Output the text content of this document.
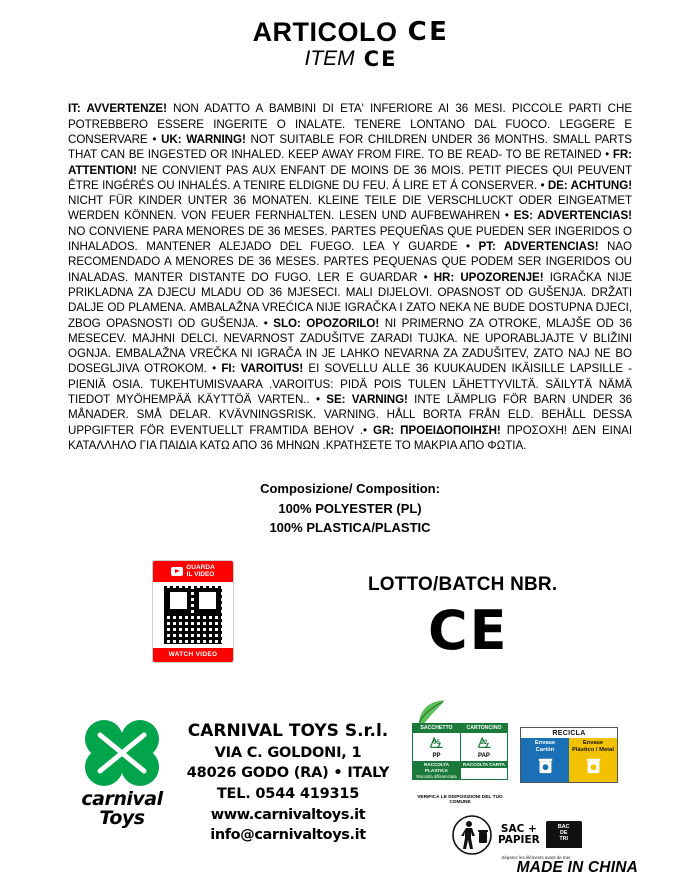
ARTICOLO C E
ITEM C E
IT: AVVERTENZE! NON ADATTO A BAMBINI DI ETA' INFERIORE AI 36 MESI. PICCOLE PARTI CHE POTREBBERO ESSERE INGERITE O INALATE. TENERE LONTANO DAL FUOCO. LEGGERE E CONSERVARE • UK: WARNING! NOT SUITABLE FOR CHILDREN UNDER 36 MONTHS. SMALL PARTS THAT CAN BE INGESTED OR INHALED. KEEP AWAY FROM FIRE. TO BE READ- TO BE RETAINED • FR: ATTENTION! NE CONVIENT PAS AUX ENFANT DE MOINS DE 36 MOIS. PETIT PIECES QUI PEUVENT ÊTRE INGÉRÉS OU INHALÉS. A TENIRE ELDIGNE DU FEU. Á LIRE ET Á CONSERVER. • DE: ACHTUNG! NICHT FÜR KINDER UNTER 36 MONATEN. KLEINE TEILE DIE VERSCHLUCKT ODER EINGEATMET WERDEN KÖNNEN. VON FEUER FERNHALTEN. LESEN UND AUFBEWAHREN • ES: ADVERTENCIAS! NO CONVIENE PARA MENORES DE 36 MESES. PARTES PEQUEÑAS QUE PUEDEN SER INGERIDOS O INHALADOS. MANTENER ALEJADO DEL FUEGO. LEA Y GUARDE • PT: ADVERTENCIAS! NAO RECOMENDADO A MENORES DE 36 MESES. PARTES PEQUENAS QUE PODEM SER INGERIDOS OU INALADAS. MANTER DISTANTE DO FUGO. LER E GUARDAR • HR: UPOZORENJE! IGRAČKA NIJE PRIKLADNA ZA DJECU MLADU OD 36 MJESECI. MALI DIJELOVI. OPASNOST OD GUŠENJA. DRŽATI DALJE OD PLAMENA. AMBALAŽNA VREĆICA NIJE IGRAČKA I ZATO NEKA NE BUDE DOSTUPNA DJECI, ZBOG OPASNOSTI OD GUŠENJA. • SLO: OPOZORILO! NI PRIMERNO ZA OTROKE, MLAJŠE OD 36 MESECEV. MAJHNI DELCI. NEVARNOST ZADUŠITVE ZARADI TUJKA. NE UPORABLJAJTE V BLIŽINI OGNJA. EMBALAŽNA VREČKA NI IGRAČA IN JE LAHKO NEVARNA ZA ZADUŠITEV, ZATO NAJ NE BO DOSEGLJIVA OTROKOM. • FI: VAROITUS! EI SOVELLU ALLE 36 KUUKAUDEN IKÄISILLE LAPSILLE - PIENIÄ OSIA. TUKEHTUMISVAARA .VAROITUS: PIDÄ POIS TULEN LÄHETTYVILTÄ. SÄILYTÄ NÄMÄ TIEDOT MYÖHEMPÄÄ KÄYTTÖÄ VARTEN.. • SE: VARNING! INTE LÄMPLIG FÖR BARN UNDER 36 MÅNADER. SMÅ DELAR. KVÄVNINGSRISK. VARNING. HÅLL BORTA FRÅN ELD. BEHÅLL DESSA UPPGIFTER FÖR EVENTUELLT FRAMTIDA BEHOV .• GR: ΠΡΟΕΙΔΟΠΟΙΗΣΗ! ΠΡΟΣΟΧΗ! ΔΕΝ ΕΙΝΑΙ ΚΑΤΑΛΛΗΛΟ ΓΙΑ ΠΑΙΔΙΑ ΚΑΤΩ ΑΠΟ 36 ΜΗΝΩΝ .ΚΡΑΤΗΣΕΤΕ ΤΟ ΜΑΚΡΙΑ ΑΠΟ ΦΩΤΙΑ.
Composizione/ Composition:
100% POLYESTER (PL)
100% PLASTICA/PLASTIC
GUARDA
IL VIDEO
WATCH VIDEO
LOTTO/BATCH NBR.
C E
carnival
Toys
CARNIVAL TOYS S.r.l.
VIA C. GOLDONI, 1
48026 GODO (RA) • ITALY
TEL. 0544 419315
www.carnivaltoys.it
info@carnivaltoys.it
SACCHETTO
05
PP
RACCOLTA PLASTICA
Raccolta differenziata
CARTONCINO
22
PAP
RACCOLTA CARTA
VERIFICA LE DISPOSIZIONI DEL TUO COMUNE
RECICLA
Envase
Cartón
Envase
Plástico / Metal
SAC +
PAPIER
BAC
DE
TRI
Séparez les éléments avant de trier
MADE IN CHINA
